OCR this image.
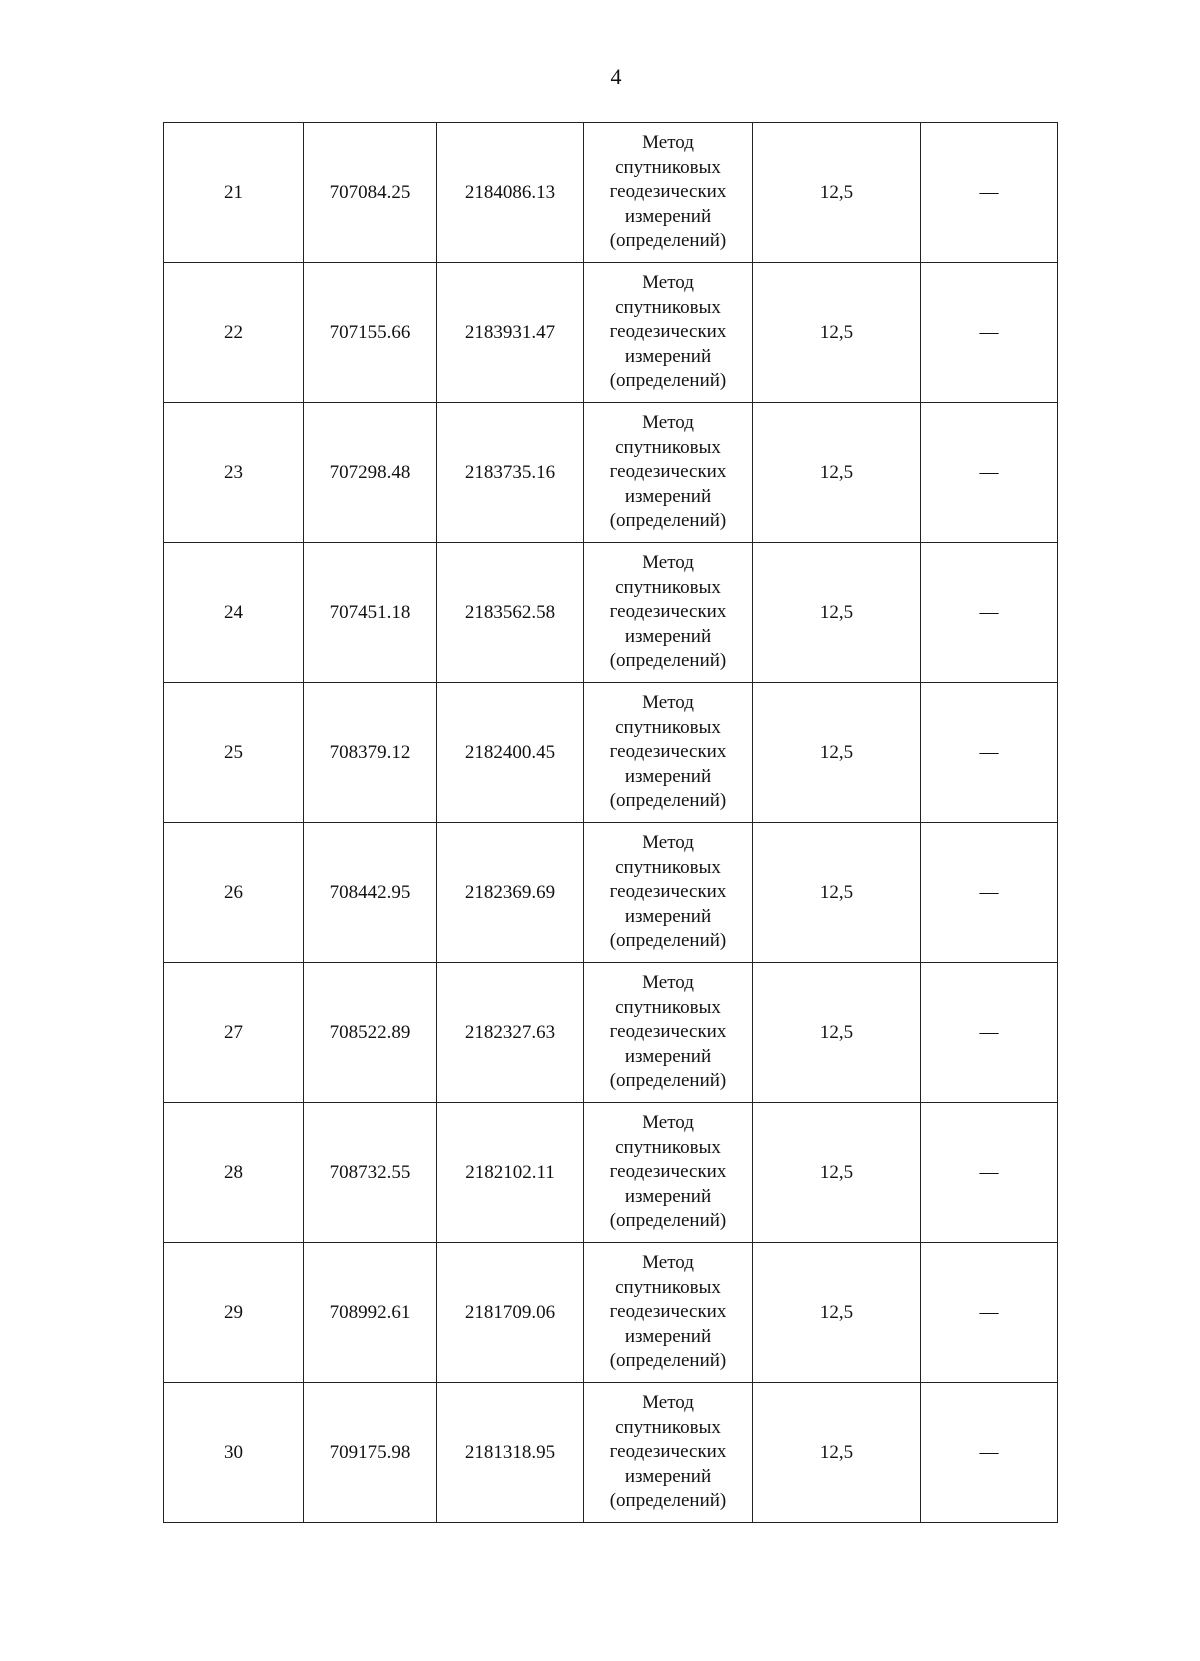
4
21	707084.25	2184086.13	Метод
спутниковых
геодезических
измерений
(определений)	12,5	—
22	707155.66	2183931.47	Метод
спутниковых
геодезических
измерений
(определений)	12,5	—
23	707298.48	2183735.16	Метод
спутниковых
геодезических
измерений
(определений)	12,5	—
24	707451.18	2183562.58	Метод
спутниковых
геодезических
измерений
(определений)	12,5	—
25	708379.12	2182400.45	Метод
спутниковых
геодезических
измерений
(определений)	12,5	—
26	708442.95	2182369.69	Метод
спутниковых
геодезических
измерений
(определений)	12,5	—
27	708522.89	2182327.63	Метод
спутниковых
геодезических
измерений
(определений)	12,5	—
28	708732.55	2182102.11	Метод
спутниковых
геодезических
измерений
(определений)	12,5	—
29	708992.61	2181709.06	Метод
спутниковых
геодезических
измерений
(определений)	12,5	—
30	709175.98	2181318.95	Метод
спутниковых
геодезических
измерений
(определений)	12,5	—
